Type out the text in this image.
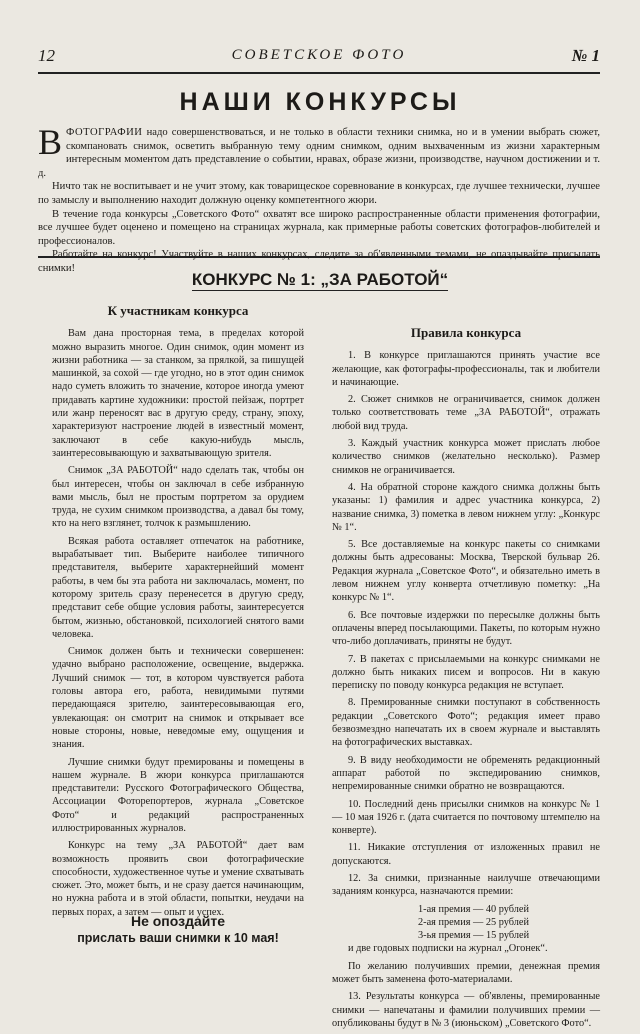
12	СОВЕТСКОЕ ФОТО	№ 1
НАШИ КОНКУРСЫ

ВФОТОГРАФИИ надо совершенствоваться, и не только в области техники снимка, но и в умении выбрать сюжет, скомпановать снимок, осветить выбранную тему одним снимком, одним выхваченным из жизни характерным интересным моментом дать представление о событии, нравах, образе жизни, производстве, научном достижении и т. д.

Ничто так не воспитывает и не учит этому, как товарищеское соревнование в конкурсах, где лучшее технически, лучшее по замыслу и выполнению находит должную оценку компетентного жюри.

В течение года конкурсы „Советского Фото“ охватят все широко распространенные области применения фотографии, все лучшее будет оценено и помещено на страницах журнала, как примерные работы советских фотографов-любителей и профессионалов.

Работайте на конкурс! Участвуйте в наших конкурсах, следите за об'явленными темами, не опаздывайте присылать снимки!

КОНКУРС № 1: „ЗА РАБОТОЙ“
К участникам конкурса

Вам дана просторная тема, в пределах которой можно выразить многое. Один снимок, один момент из жизни работника — за станком, за прялкой, за пишущей машинкой, за сохой — где угодно, но в этот один снимок надо суметь вложить то значение, которое иногда умеют придавать картине художники: простой пейзаж, портрет или жанр переносят вас в другую среду, страну, эпоху, характеризуют настроение людей в известный момент, заключают в себе какую-нибудь мысль, заинтересовывающую и захватывающую зрителя.

Снимок „ЗА РАБОТОЙ“ надо сделать так, чтобы он был интересен, чтобы он заключал в себе избранную вами мысль, был не простым портретом за орудием труда, не сухим снимком производства, а давал бы тому, кто на него взглянет, толчок к размышлению.

Всякая работа оставляет отпечаток на работнике, вырабатывает тип. Выберите наиболее типичного представителя, выберите характернейший момент работы, в чем бы эта работа ни заключалась, момент, по которому зритель сразу перенесется в другую среду, представит себе общие условия работы, заинтересуется бытом, жизнью, обстановкой, психологией снятого вами человека.

Снимок должен быть и технически совершенен: удачно выбрано расположение, освещение, выдержка. Лучший снимок — тот, в котором чувствуется работа головы автора его, работа, невидимыми путями передающаяся зрителю, заинтересовывающая его, увлекающая: он смотрит на снимок и открывает все новые стороны, новые, неведомые ему, ощущения и знания.

Лучшие снимки будут премированы и помещены в нашем журнале. В жюри конкурса приглашаются представители: Русского Фотографического Общества, Ассоциации Фоторепортеров, журнала „Советское Фото“ и редакций распространенных иллюстрированных журналов.

Конкурс на тему „ЗА РАБОТОЙ“ дает вам возможность проявить свои фотографические способности, художественное чутье и умение схватывать сюжет. Это, может быть, и не сразу дается начинающим, но нужна работа и в этой области, попытки, неудачи на первых порах, а затем — опыт и успех.

Не опоздайте
прислать ваши снимки к 10 мая!
Правила конкурса

1. В конкурсе приглашаются принять участие все желающие, как фотографы-профессионалы, так и любители и начинающие.

2. Сюжет снимков не ограничивается, снимок должен только соответствовать теме „ЗА РАБОТОЙ“, отражать любой вид труда.

3. Каждый участник конкурса может прислать любое количество снимков (желательно несколько). Размер снимков не ограничивается.

4. На обратной стороне каждого снимка должны быть указаны: 1) фамилия и адрес участника конкурса, 2) название снимка, 3) пометка в левом нижнем углу: „Конкурс № 1“.

5. Все доставляемые на конкурс пакеты со снимками должны быть адресованы: Москва, Тверской бульвар 26. Редакция журнала „Советское Фото“, и обязательно иметь в левом нижнем углу конверта отчетливую пометку: „На конкурс № 1“.

6. Все почтовые издержки по пересылке должны быть оплачены вперед посылающими. Пакеты, по которым нужно что-либо доплачивать, приняты не будут.

7. В пакетах с присылаемыми на конкурс снимками не должно быть никаких писем и вопросов. Ни в какую переписку по поводу конкурса редакция не вступает.

8. Премированные снимки поступают в собственность редакции „Советского Фото“; редакция имеет право безвозмездно напечатать их в своем журнале и выставлять на фотографических выставках.

9. В виду необходимости не обременять редакционный аппарат работой по экспедированию снимков, непремированные снимки обратно не возвращаются.

10. Последний день присылки снимков на конкурс № 1 — 10 мая 1926 г. (дата считается по почтовому штемпелю на конверте).

11. Никакие отступления от изложенных правил не допускаются.

12. За снимки, признанные наилучше отвечающими заданиям конкурса, назначаются премии:

1-ая премия — 40 рублей

2-ая премия — 25 рублей

3-ья премия — 15 рублей

и две годовых подписки на журнал „Огонек“.

По желанию получивших премии, денежная премия может быть заменена фото-материалами.

13. Результаты конкурса — об'явлены, премированные снимки — напечатаны и фамилии получивших премии — опубликованы будут в № 3 (июньском) „Советского Фото“.
